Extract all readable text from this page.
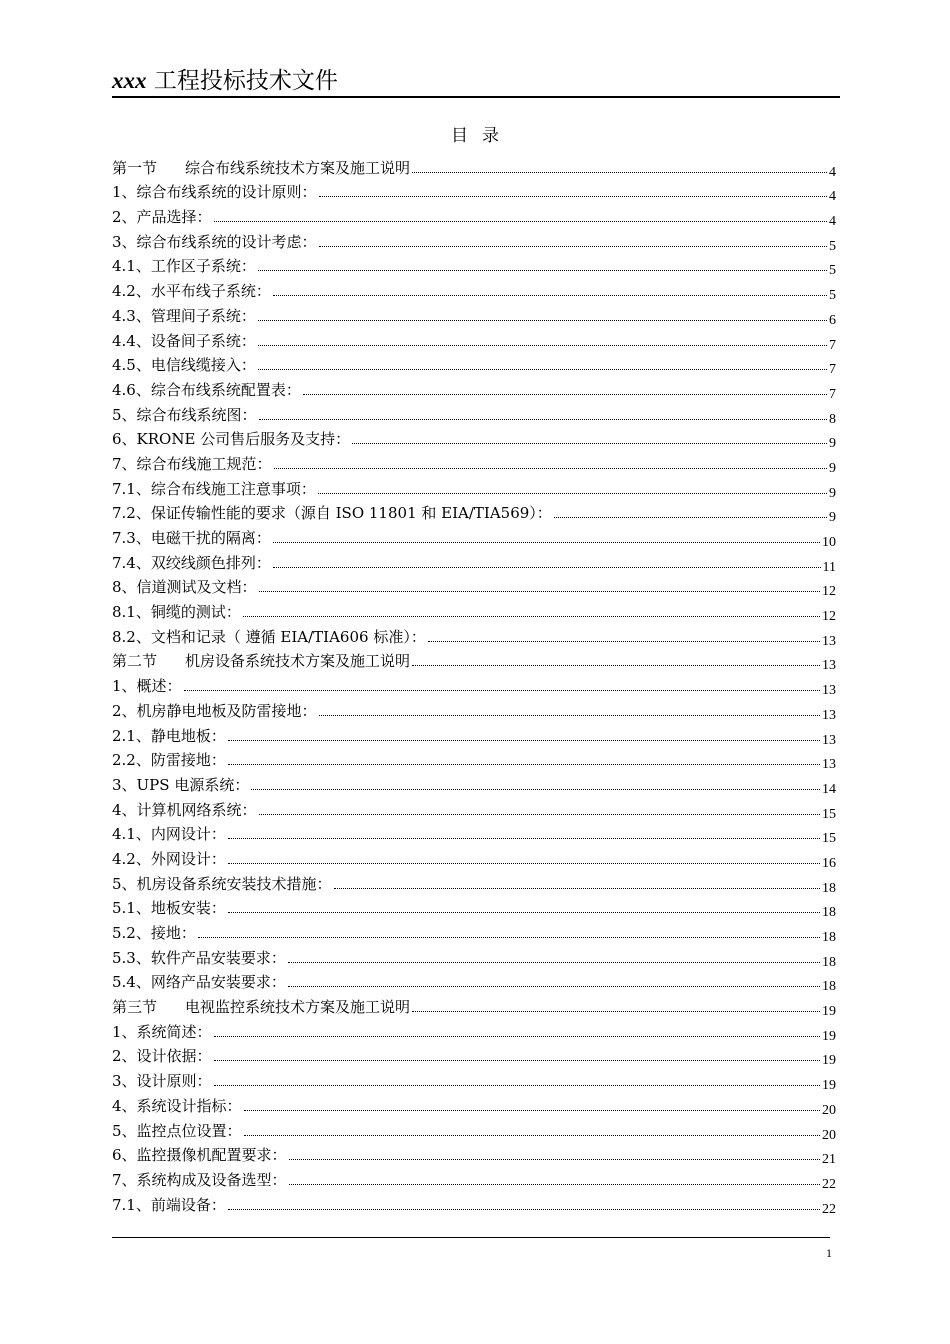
xxx 工程投标技术文件
目录
第一节 综合布线系统技术方案及施工说明	4
1、综合布线系统的设计原则：	4
2、产品选择：	4
3、综合布线系统的设计考虑：	5
4.1、工作区子系统：	5
4.2、水平布线子系统：	5
4.3、管理间子系统：	6
4.4、设备间子系统：	7
4.5、电信线缆接入：	7
4.6、综合布线系统配置表：	7
5、综合布线系统图：	8
6、KRONE 公司售后服务及支持：	9
7、综合布线施工规范：	9
7.1、综合布线施工注意事项：	9
7.2、保证传输性能的要求（源自 ISO 11801 和 EIA/TIA569）：	9
7.3、电磁干扰的隔离：	10
7.4、双绞线颜色排列：	11
8、信道测试及文档：	12
8.1、铜缆的测试：	12
8.2、文档和记录（ 遵循 EIA/TIA606 标准）：	13
第二节 机房设备系统技术方案及施工说明	13
1、概述：	13
2、机房静电地板及防雷接地：	13
2.1、静电地板：	13
2.2、防雷接地：	13
3、UPS 电源系统：	14
4、计算机网络系统：	15
4.1、内网设计：	15
4.2、外网设计：	16
5、机房设备系统安装技术措施：	18
5.1、地板安装：	18
5.2、接地：	18
5.3、软件产品安装要求：	18
5.4、网络产品安装要求：	18
第三节 电视监控系统技术方案及施工说明	19
1、系统简述：	19
2、设计依据：	19
3、设计原则：	19
4、系统设计指标：	20
5、监控点位设置：	20
6、监控摄像机配置要求：	21
7、系统构成及设备选型：	22
7.1、前端设备：	22
1
